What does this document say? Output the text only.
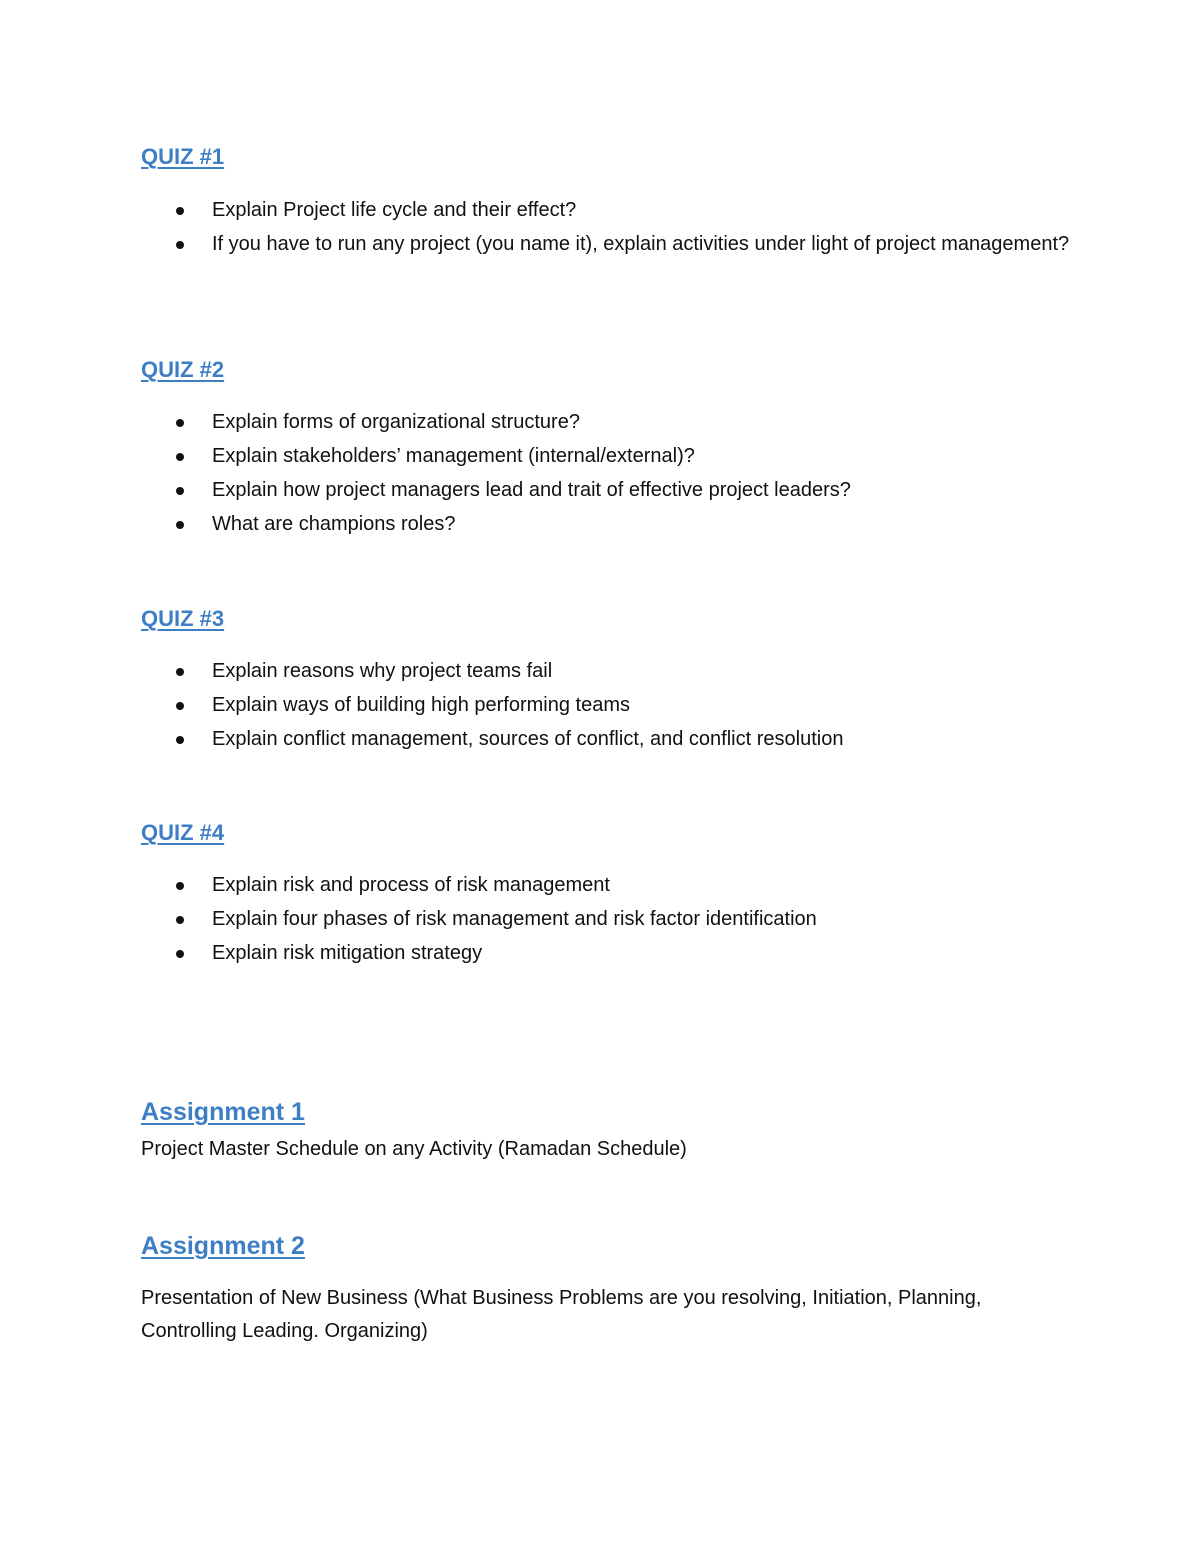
QUIZ #1
Explain Project life cycle and their effect?
If you have to run any project (you name it), explain activities under light of project management?
QUIZ #2
Explain forms of organizational structure?
Explain stakeholders’ management (internal/external)?
Explain how project managers lead and trait of effective project leaders?
What are champions roles?
QUIZ #3
Explain reasons why project teams fail
Explain ways of building high performing teams
Explain conflict management, sources of conflict, and conflict resolution
QUIZ #4
Explain risk and process of risk management
Explain four phases of risk management and risk factor identification
Explain risk mitigation strategy
Assignment 1

Project Master Schedule on any Activity (Ramadan Schedule)

Assignment 2

Presentation of New Business (What Business Problems are you resolving, Initiation, Planning, Controlling Leading. Organizing)
